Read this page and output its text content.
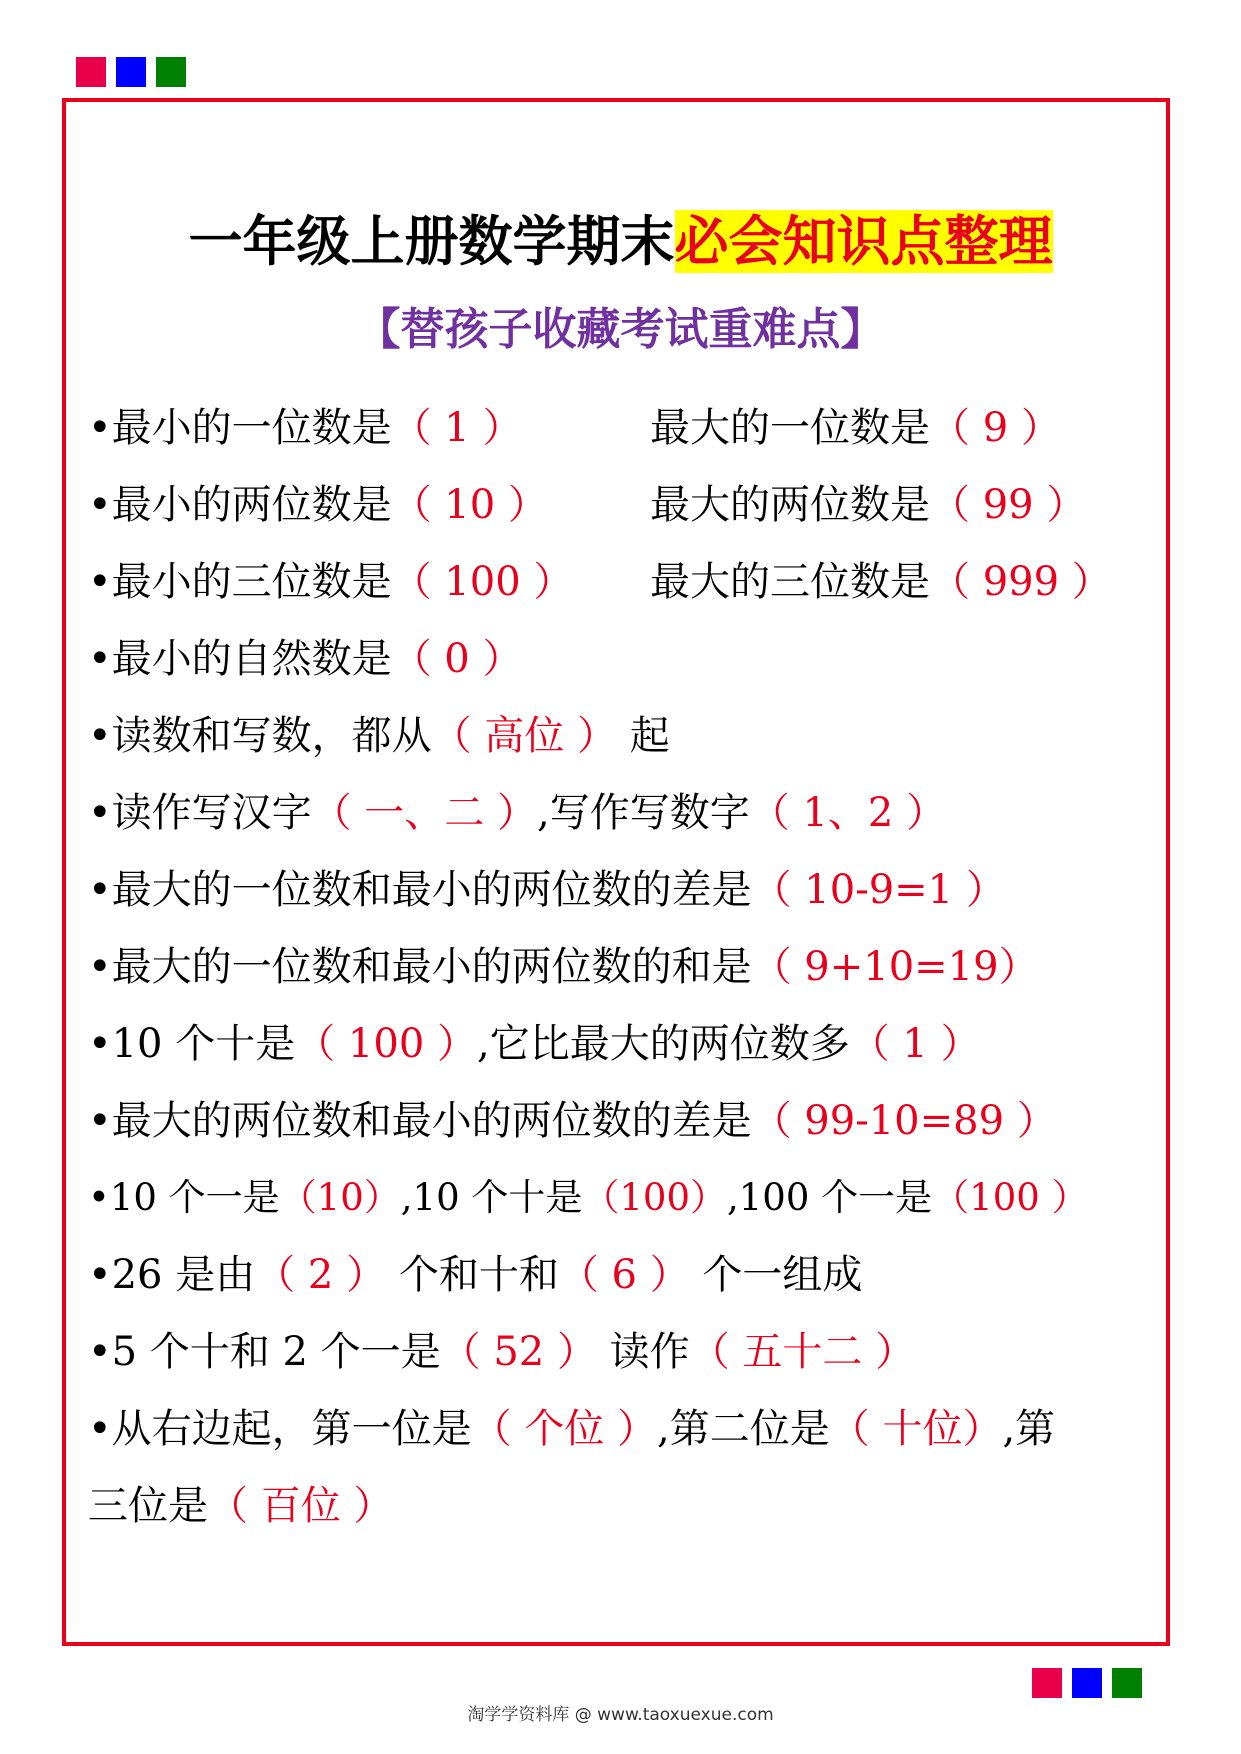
一年级上册数学期末必会知识点整理
【替孩子收藏考试重难点】
•最小的一位数是（ 1 ）	最大的一位数是（ 9 ）
•最小的两位数是（ 10 ）	最大的两位数是（ 99 ）
•最小的三位数是（ 100 ） 最大的三位数是（ 999 ）
•最小的自然数是（ 0 ）
•读数和写数，都从（ 高位 ） 起
•读作写汉字（ 一、二 ）,写作写数字（ 1、2 ）
•最大的一位数和最小的两位数的差是（ 10-9=1 ）
•最大的一位数和最小的两位数的和是（ 9+10=19）
•10 个十是（ 100 ）,它比最大的两位数多（ 1 ）
•最大的两位数和最小的两位数的差是（ 99-10=89 ）
•10 个一是（10）,10 个十是（100）,100 个一是（100 ）
•26 是由（ 2 ） 个和十和（ 6 ） 个一组成
•5 个十和 2 个一是（ 52 ） 读作（ 五十二 ）
•从右边起，第一位是（ 个位 ）,第二位是（ 十位）,第
三位是（ 百位 ）
淘学学资料库 @ www.taoxuexue.com
